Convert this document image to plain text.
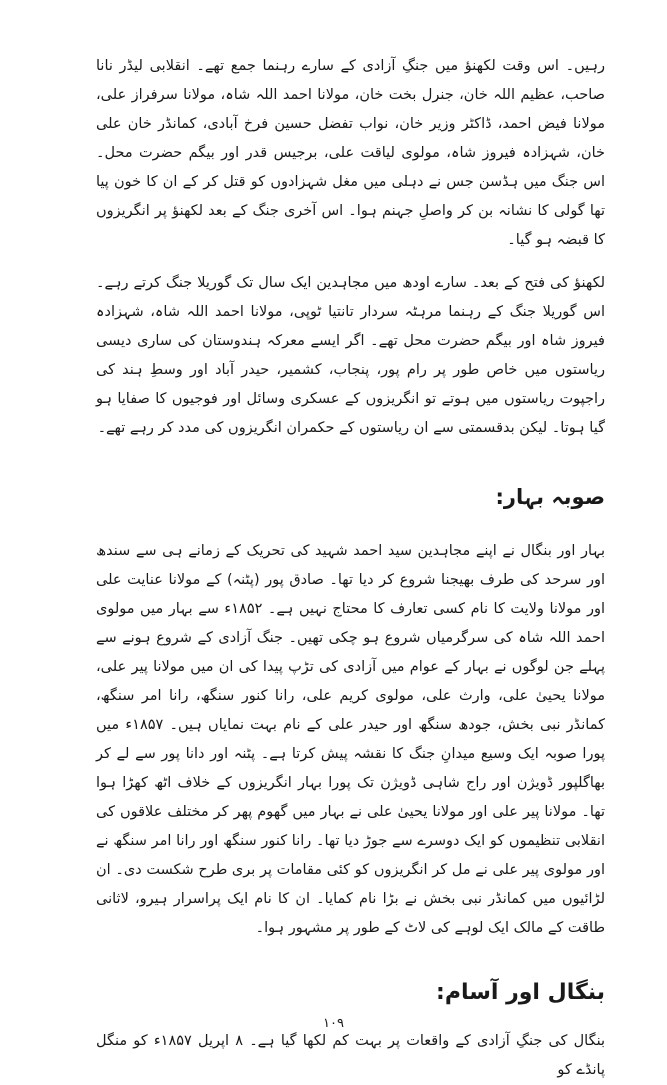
رہیں۔ اس وقت لکھنؤ میں جنگِ آزادی کے سارے رہنما جمع تھے۔ انقلابی لیڈر نانا صاحب، عظیم اللہ خان، جنرل بخت خان، مولانا احمد اللہ شاہ، مولانا سرفراز علی، مولانا فیض احمد، ڈاکٹر وزیر خان، نواب تفضل حسین فرخ آبادی، کمانڈر خان علی خان، شہزادہ فیروز شاہ، مولوی لیاقت علی، برجیس قدر اور بیگم حضرت محل۔ اس جنگ میں ہڈسن جس نے دہلی میں مغل شہزادوں کو قتل کر کے ان کا خون پیا تھا گولی کا نشانہ بن کر واصلِ جہنم ہوا۔ اس آخری جنگ کے بعد لکھنؤ پر انگریزوں کا قبضہ ہو گیا۔

لکھنؤ کی فتح کے بعد۔ سارے اودھ میں مجاہدین ایک سال تک گوریلا جنگ کرتے رہے۔ اس گوریلا جنگ کے رہنما مرہٹہ سردار تانتیا ٹوپی، مولانا احمد اللہ شاہ، شہزادہ فیروز شاہ اور بیگم حضرت محل تھے۔ اگر ایسے معرکہ ہندوستان کی ساری دیسی ریاستوں میں خاص طور پر رام پور، پنجاب، کشمیر، حیدر آباد اور وسطِ ہند کی راجپوت ریاستوں میں ہوتے تو انگریزوں کے عسکری وسائل اور فوجیوں کا صفایا ہو گیا ہوتا۔ لیکن بدقسمتی سے ان ریاستوں کے حکمران انگریزوں کی مدد کر رہے تھے۔

صوبہ بہار:

بہار اور بنگال نے اپنے مجاہدین سید احمد شہید کی تحریک کے زمانے ہی سے سندھ اور سرحد کی طرف بھیجنا شروع کر دیا تھا۔ صادق پور (پٹنہ) کے مولانا عنایت علی اور مولانا ولایت کا نام کسی تعارف کا محتاج نہیں ہے۔ ۱۸۵۲ء سے بہار میں مولوی احمد اللہ شاہ کی سرگرمیاں شروع ہو چکی تھیں۔ جنگ آزادی کے شروع ہونے سے پہلے جن لوگوں نے بہار کے عوام میں آزادی کی تڑپ پیدا کی ان میں مولانا پیر علی، مولانا یحییٰ علی، وارث علی، مولوی کریم علی، رانا کنور سنگھ، رانا امر سنگھ، کمانڈر نبی بخش، جودھ سنگھ اور حیدر علی کے نام بہت نمایاں ہیں۔ ۱۸۵۷ء میں پورا صوبہ ایک وسیع میدانِ جنگ کا نقشہ پیش کرتا ہے۔ پٹنہ اور دانا پور سے لے کر بھاگلپور ڈویژن اور راج شاہی ڈویژن تک پورا بہار انگریزوں کے خلاف اٹھ کھڑا ہوا تھا۔ مولانا پیر علی اور مولانا یحییٰ علی نے بہار میں گھوم پھر کر مختلف علاقوں کی انقلابی تنظیموں کو ایک دوسرے سے جوڑ دیا تھا۔ رانا کنور سنگھ اور رانا امر سنگھ نے اور مولوی پیر علی نے مل کر انگریزوں کو کئی مقامات پر بری طرح شکست دی۔ ان لڑائیوں میں کمانڈر نبی بخش نے بڑا نام کمایا۔ ان کا نام ایک پراسرار ہیرو، لاثانی طاقت کے مالک ایک لوہے کی لاٹ کے طور پر مشہور ہوا۔

بنگال اور آسام:

بنگال کی جنگِ آزادی کے واقعات پر بہت کم لکھا گیا ہے۔ ۸ اپریل ۱۸۵۷ء کو منگل پانڈے کو

۱۰۹
